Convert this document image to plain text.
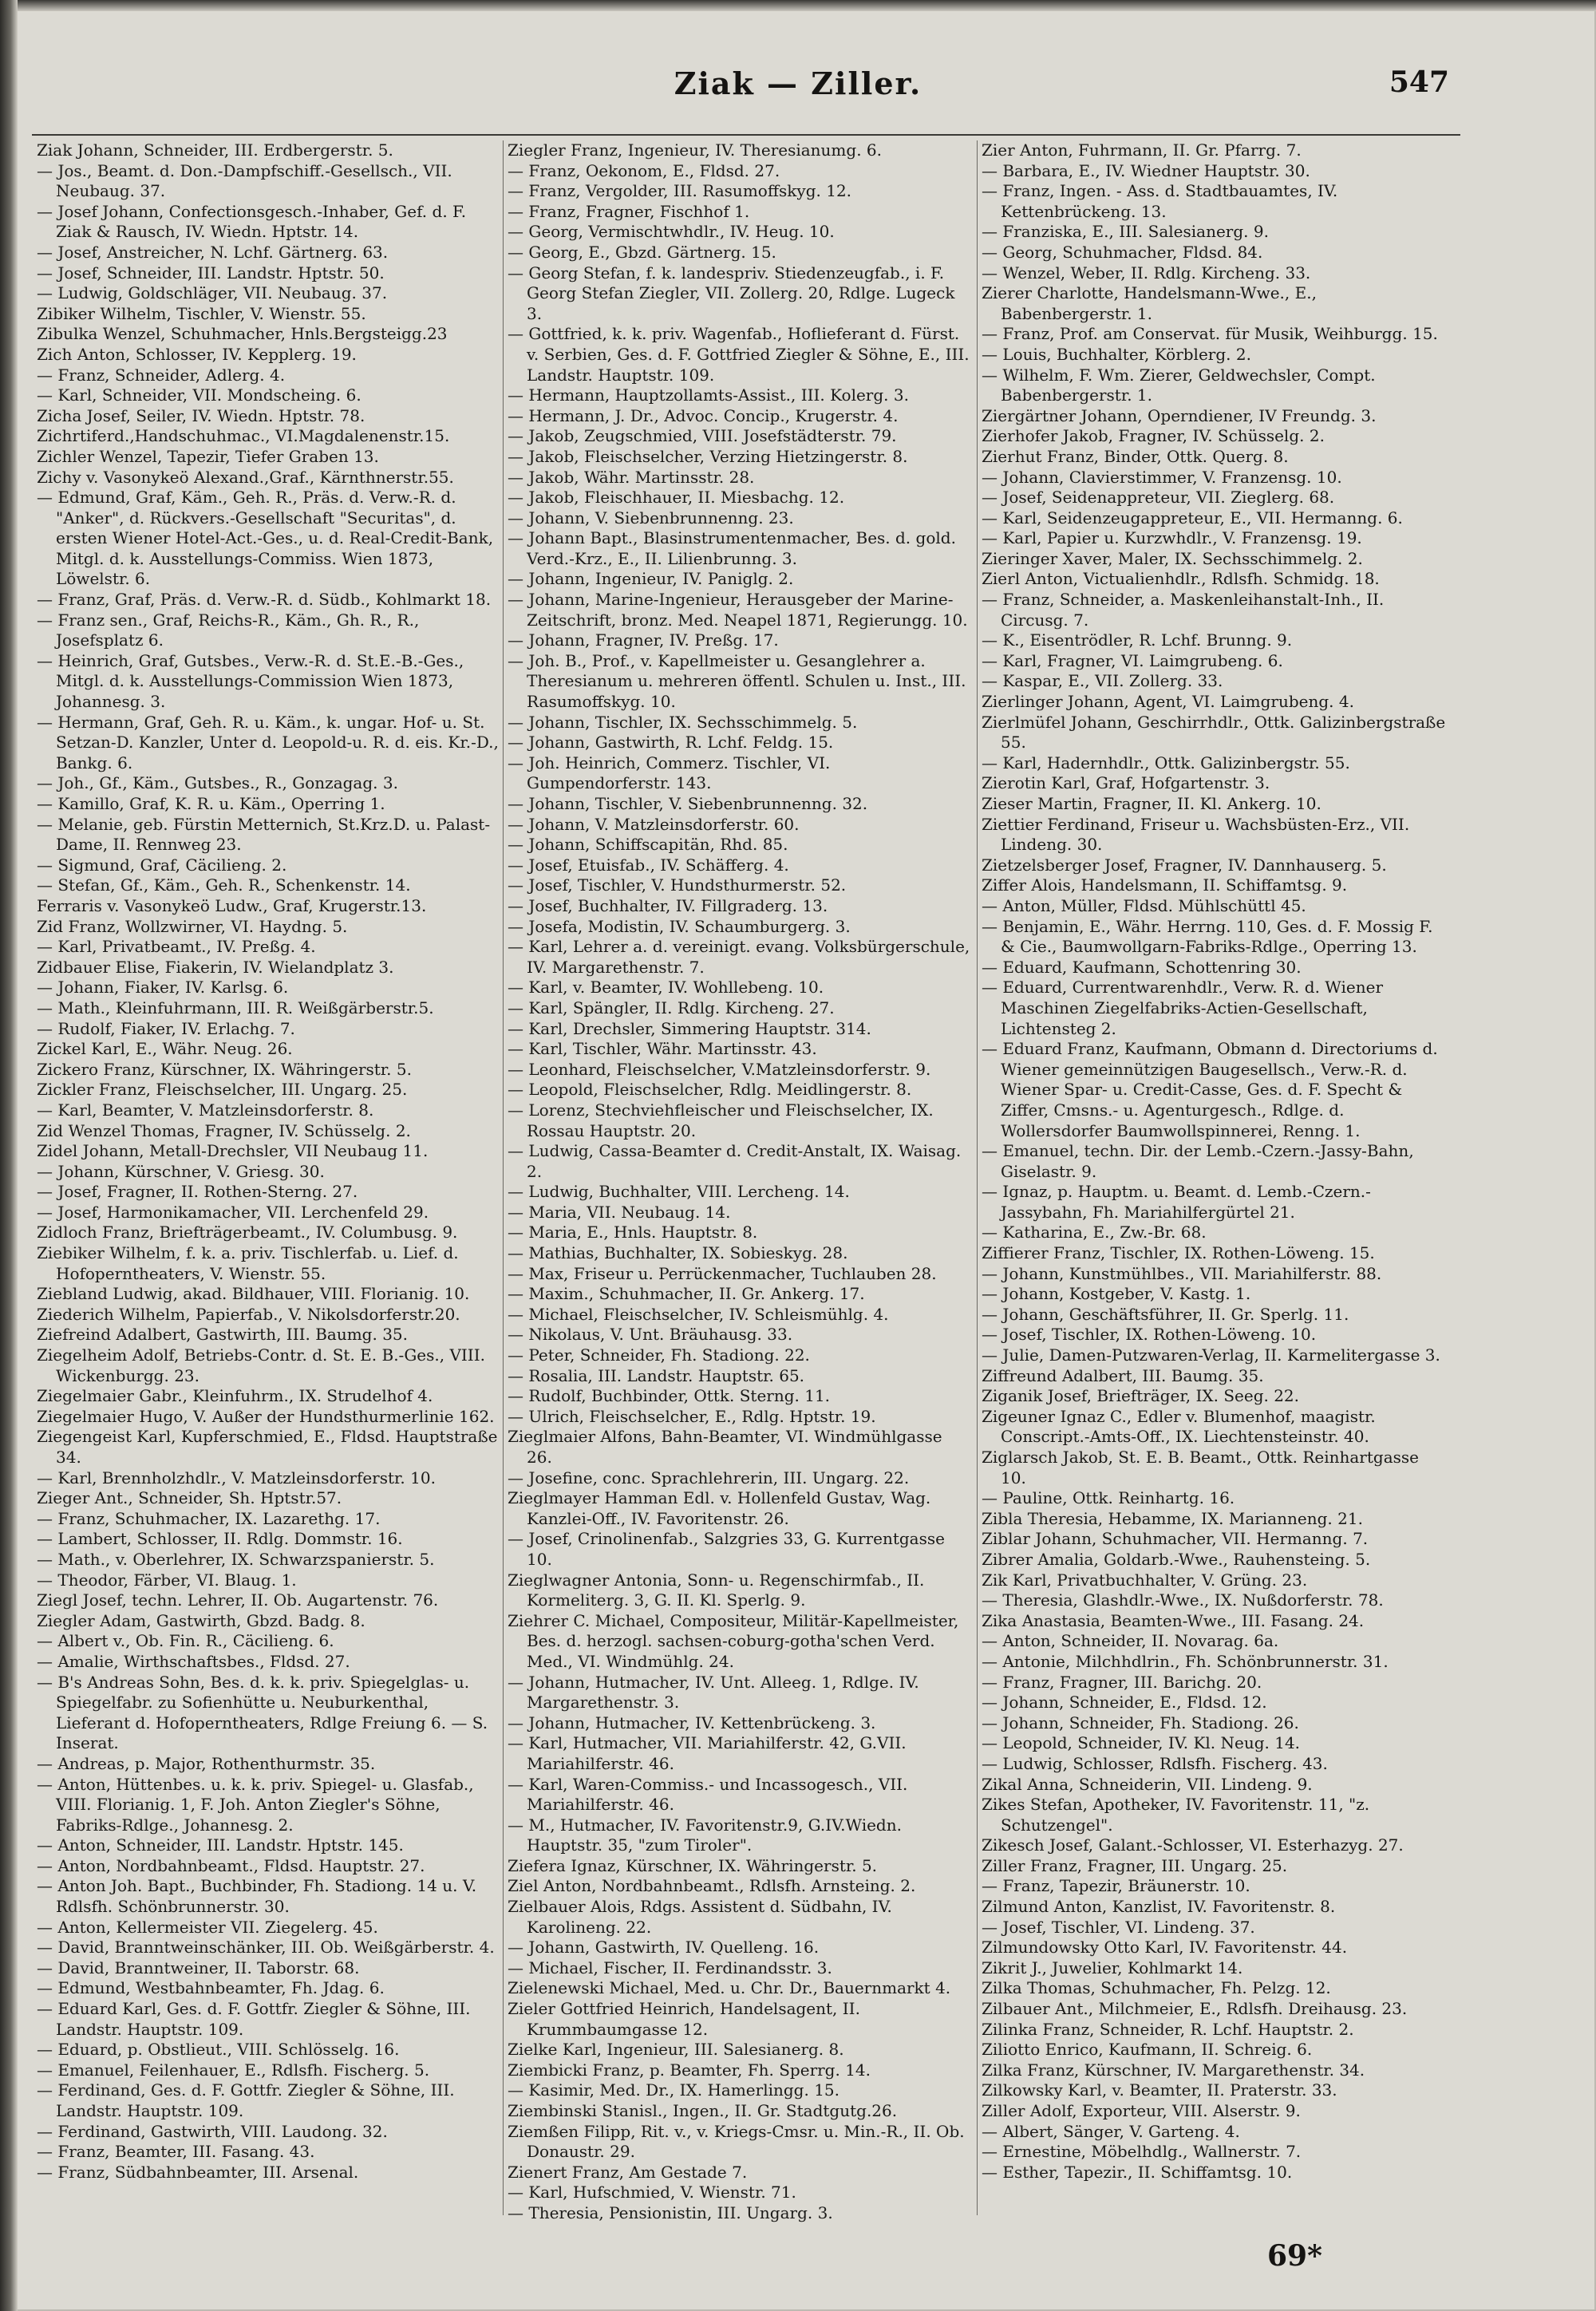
Ziak — Ziller.	547
Ziak Johann, Schneider, III. Erdbergerstr. 5.
— Jos., Beamt. d. Don.-Dampfschiff.-Gesellsch., VII. Neubaug. 37.
— Josef Johann, Confectionsgesch.-Inhaber, Gef. d. F. Ziak & Rausch, IV. Wiedn. Hptstr. 14.
— Josef, Anstreicher, N. Lchf. Gärtnerg. 63.
— Josef, Schneider, III. Landstr. Hptstr. 50.
— Ludwig, Goldschläger, VII. Neubaug. 37.
Zibiker Wilhelm, Tischler, V. Wienstr. 55.
Zibulka Wenzel, Schuhmacher, Hnls.Bergsteigg.23
Zich Anton, Schlosser, IV. Kepplerg. 19.
— Franz, Schneider, Adlerg. 4.
— Karl, Schneider, VII. Mondscheing. 6.
Zicha Josef, Seiler, IV. Wiedn. Hptstr. 78.
Zichrtiferd.,Handschuhmac., VI.Magdalenenstr.15.
Zichler Wenzel, Tapezir, Tiefer Graben 13.
Zichy v. Vasonykeö Alexand.,Graf., Kärnthnerstr.55.
— Edmund, Graf, Käm., Geh. R., Präs. d. Verw.-R. d. "Anker", d. Rückvers.-Gesellschaft "Securitas", d. ersten Wiener Hotel-Act.-Ges., u. d. Real-Credit-Bank, Mitgl. d. k. Ausstellungs-Commiss. Wien 1873, Löwelstr. 6.
— Franz, Graf, Präs. d. Verw.-R. d. Südb., Kohlmarkt 18.
— Franz sen., Graf, Reichs-R., Käm., Gh. R., R., Josefsplatz 6.
— Heinrich, Graf, Gutsbes., Verw.-R. d. St.E.-B.-Ges., Mitgl. d. k. Ausstellungs-Commission Wien 1873, Johannesg. 3.
— Hermann, Graf, Geh. R. u. Käm., k. ungar. Hof- u. St. Setzan-D. Kanzler, Unter d. Leopold-u. R. d. eis. Kr.-D., Bankg. 6.
— Joh., Gf., Käm., Gutsbes., R., Gonzagag. 3.
— Kamillo, Graf, K. R. u. Käm., Operring 1.
— Melanie, geb. Fürstin Metternich, St.Krz.D. u. Palast-Dame, II. Rennweg 23.
— Sigmund, Graf, Cäcilieng. 2.
— Stefan, Gf., Käm., Geh. R., Schenkenstr. 14.
Ferraris v. Vasonykeö Ludw., Graf, Krugerstr.13.
Zid Franz, Wollzwirner, VI. Haydng. 5.
— Karl, Privatbeamt., IV. Preßg. 4.
Zidbauer Elise, Fiakerin, IV. Wielandplatz 3.
— Johann, Fiaker, IV. Karlsg. 6.
— Math., Kleinfuhrmann, III. R. Weißgärberstr.5.
— Rudolf, Fiaker, IV. Erlachg. 7.
Zickel Karl, E., Währ. Neug. 26.
Zickero Franz, Kürschner, IX. Währingerstr. 5.
Zickler Franz, Fleischselcher, III. Ungarg. 25.
— Karl, Beamter, V. Matzleinsdorferstr. 8.
Zid Wenzel Thomas, Fragner, IV. Schüsselg. 2.
Zidel Johann, Metall-Drechsler, VII Neubaug 11.
— Johann, Kürschner, V. Griesg. 30.
— Josef, Fragner, II. Rothen-Sterng. 27.
— Josef, Harmonikamacher, VII. Lerchenfeld 29.
Zidloch Franz, Briefträgerbeamt., IV. Columbusg. 9.
Ziebiker Wilhelm, f. k. a. priv. Tischlerfab. u. Lief. d. Hofoperntheaters, V. Wienstr. 55.
Ziebland Ludwig, akad. Bildhauer, VIII. Florianig. 10.
Ziederich Wilhelm, Papierfab., V. Nikolsdorferstr.20.
Ziefreind Adalbert, Gastwirth, III. Baumg. 35.
Ziegelheim Adolf, Betriebs-Contr. d. St. E. B.-Ges., VIII. Wickenburgg. 23.
Ziegelmaier Gabr., Kleinfuhrm., IX. Strudelhof 4.
Ziegelmaier Hugo, V. Außer der Hundsthurmerlinie 162.
Ziegengeist Karl, Kupferschmied, E., Fldsd. Hauptstraße 34.
— Karl, Brennholzhdlr., V. Matzleinsdorferstr. 10.
Zieger Ant., Schneider, Sh. Hptstr.57.
— Franz, Schuhmacher, IX. Lazarethg. 17.
— Lambert, Schlosser, II. Rdlg. Dommstr. 16.
— Math., v. Oberlehrer, IX. Schwarzspanierstr. 5.
— Theodor, Färber, VI. Blaug. 1.
Ziegl Josef, techn. Lehrer, II. Ob. Augartenstr. 76.
Ziegler Adam, Gastwirth, Gbzd. Badg. 8.
— Albert v., Ob. Fin. R., Cäcilieng. 6.
— Amalie, Wirthschaftsbes., Fldsd. 27.
— B's Andreas Sohn, Bes. d. k. k. priv. Spiegelglas- u. Spiegelfabr. zu Sofienhütte u. Neuburkenthal, Lieferant d. Hofoperntheaters, Rdlge Freiung 6. — S. Inserat.
— Andreas, p. Major, Rothenthurmstr. 35.
— Anton, Hüttenbes. u. k. k. priv. Spiegel- u. Glasfab., VIII. Florianig. 1, F. Joh. Anton Ziegler's Söhne, Fabriks-Rdlge., Johannesg. 2.
— Anton, Schneider, III. Landstr. Hptstr. 145.
— Anton, Nordbahnbeamt., Fldsd. Hauptstr. 27.
— Anton Joh. Bapt., Buchbinder, Fh. Stadiong. 14 u. V. Rdlsfh. Schönbrunnerstr. 30.
— Anton, Kellermeister VII. Ziegelerg. 45.
— David, Branntweinschänker, III. Ob. Weißgärberstr. 4.
— David, Branntweiner, II. Taborstr. 68.
— Edmund, Westbahnbeamter, Fh. Jdag. 6.
— Eduard Karl, Ges. d. F. Gottfr. Ziegler & Söhne, III. Landstr. Hauptstr. 109.
— Eduard, p. Obstlieut., VIII. Schlösselg. 16.
— Emanuel, Feilenhauer, E., Rdlsfh. Fischerg. 5.
— Ferdinand, Ges. d. F. Gottfr. Ziegler & Söhne, III. Landstr. Hauptstr. 109.
— Ferdinand, Gastwirth, VIII. Laudong. 32.
— Franz, Beamter, III. Fasang. 43.
— Franz, Südbahnbeamter, III. Arsenal.
Ziegler Franz, Ingenieur, IV. Theresianumg. 6.
— Franz, Oekonom, E., Fldsd. 27.
— Franz, Vergolder, III. Rasumoffskyg. 12.
— Franz, Fragner, Fischhof 1.
— Georg, Vermischtwhdlr., IV. Heug. 10.
— Georg, E., Gbzd. Gärtnerg. 15.
— Georg Stefan, f. k. landespriv. Stiedenzeugfab., i. F. Georg Stefan Ziegler, VII. Zollerg. 20, Rdlge. Lugeck 3.
— Gottfried, k. k. priv. Wagenfab., Hoflieferant d. Fürst. v. Serbien, Ges. d. F. Gottfried Ziegler & Söhne, E., III. Landstr. Hauptstr. 109.
— Hermann, Hauptzollamts-Assist., III. Kolerg. 3.
— Hermann, J. Dr., Advoc. Concip., Krugerstr. 4.
— Jakob, Zeugschmied, VIII. Josefstädterstr. 79.
— Jakob, Fleischselcher, Verzing Hietzingerstr. 8.
— Jakob, Währ. Martinsstr. 28.
— Jakob, Fleischhauer, II. Miesbachg. 12.
— Johann, V. Siebenbrunnenng. 23.
— Johann Bapt., Blasinstrumentenmacher, Bes. d. gold. Verd.-Krz., E., II. Lilienbrunng. 3.
— Johann, Ingenieur, IV. Paniglg. 2.
— Johann, Marine-Ingenieur, Herausgeber der Marine-Zeitschrift, bronz. Med. Neapel 1871, Regierungg. 10.
— Johann, Fragner, IV. Preßg. 17.
— Joh. B., Prof., v. Kapellmeister u. Gesanglehrer a. Theresianum u. mehreren öffentl. Schulen u. Inst., III. Rasumoffskyg. 10.
— Johann, Tischler, IX. Sechsschimmelg. 5.
— Johann, Gastwirth, R. Lchf. Feldg. 15.
— Joh. Heinrich, Commerz. Tischler, VI. Gumpendorferstr. 143.
— Johann, Tischler, V. Siebenbrunnenng. 32.
— Johann, V. Matzleinsdorferstr. 60.
— Johann, Schiffscapitän, Rhd. 85.
— Josef, Etuisfab., IV. Schäfferg. 4.
— Josef, Tischler, V. Hundsthurmerstr. 52.
— Josef, Buchhalter, IV. Fillgraderg. 13.
— Josefa, Modistin, IV. Schaumburgerg. 3.
— Karl, Lehrer a. d. vereinigt. evang. Volksbürgerschule, IV. Margarethenstr. 7.
— Karl, v. Beamter, IV. Wohllebeng. 10.
— Karl, Spängler, II. Rdlg. Kircheng. 27.
— Karl, Drechsler, Simmering Hauptstr. 314.
— Karl, Tischler, Währ. Martinsstr. 43.
— Leonhard, Fleischselcher, V.Matzleinsdorferstr. 9.
— Leopold, Fleischselcher, Rdlg. Meidlingerstr. 8.
— Lorenz, Stechviehfleischer und Fleischselcher, IX. Rossau Hauptstr. 20.
— Ludwig, Cassa-Beamter d. Credit-Anstalt, IX. Waisag. 2.
— Ludwig, Buchhalter, VIII. Lercheng. 14.
— Maria, VII. Neubaug. 14.
— Maria, E., Hnls. Hauptstr. 8.
— Mathias, Buchhalter, IX. Sobieskyg. 28.
— Max, Friseur u. Perrückenmacher, Tuchlauben 28.
— Maxim., Schuhmacher, II. Gr. Ankerg. 17.
— Michael, Fleischselcher, IV. Schleismühlg. 4.
— Nikolaus, V. Unt. Bräuhausg. 33.
— Peter, Schneider, Fh. Stadiong. 22.
— Rosalia, III. Landstr. Hauptstr. 65.
— Rudolf, Buchbinder, Ottk. Sterng. 11.
— Ulrich, Fleischselcher, E., Rdlg. Hptstr. 19.
Zieglmaier Alfons, Bahn-Beamter, VI. Windmühlgasse 26.
— Josefine, conc. Sprachlehrerin, III. Ungarg. 22.
Zieglmayer Hamman Edl. v. Hollenfeld Gustav, Wag. Kanzlei-Off., IV. Favoritenstr. 26.
— Josef, Crinolinenfab., Salzgries 33, G. Kurrentgasse 10.
Zieglwagner Antonia, Sonn- u. Regenschirmfab., II. Kormeliterg. 3, G. II. Kl. Sperlg. 9.
Ziehrer C. Michael, Compositeur, Militär-Kapellmeister, Bes. d. herzogl. sachsen-coburg-gotha'schen Verd. Med., VI. Windmühlg. 24.
— Johann, Hutmacher, IV. Unt. Alleeg. 1, Rdlge. IV. Margarethenstr. 3.
— Johann, Hutmacher, IV. Kettenbrückeng. 3.
— Karl, Hutmacher, VII. Mariahilferstr. 42, G.VII. Mariahilferstr. 46.
— Karl, Waren-Commiss.- und Incassogesch., VII. Mariahilferstr. 46.
— M., Hutmacher, IV. Favoritenstr.9, G.IV.Wiedn. Hauptstr. 35, "zum Tiroler".
Ziefera Ignaz, Kürschner, IX. Währingerstr. 5.
Ziel Anton, Nordbahnbeamt., Rdlsfh. Arnsteing. 2.
Zielbauer Alois, Rdgs. Assistent d. Südbahn, IV. Karolineng. 22.
— Johann, Gastwirth, IV. Quelleng. 16.
— Michael, Fischer, II. Ferdinandsstr. 3.
Zielenewski Michael, Med. u. Chr. Dr., Bauernmarkt 4.
Zieler Gottfried Heinrich, Handelsagent, II. Krummbaumgasse 12.
Zielke Karl, Ingenieur, III. Salesianerg. 8.
Ziembicki Franz, p. Beamter, Fh. Sperrg. 14.
— Kasimir, Med. Dr., IX. Hamerlingg. 15.
Ziembinski Stanisl., Ingen., II. Gr. Stadtgutg.26.
Ziemßen Filipp, Rit. v., v. Kriegs-Cmsr. u. Min.-R., II. Ob. Donaustr. 29.
Zienert Franz, Am Gestade 7.
— Karl, Hufschmied, V. Wienstr. 71.
— Theresia, Pensionistin, III. Ungarg. 3.
Zier Anton, Fuhrmann, II. Gr. Pfarrg. 7.
— Barbara, E., IV. Wiedner Hauptstr. 30.
— Franz, Ingen. - Ass. d. Stadtbauamtes, IV. Kettenbrückeng. 13.
— Franziska, E., III. Salesianerg. 9.
— Georg, Schuhmacher, Fldsd. 84.
— Wenzel, Weber, II. Rdlg. Kircheng. 33.
Zierer Charlotte, Handelsmann-Wwe., E., Babenbergerstr. 1.
— Franz, Prof. am Conservat. für Musik, Weihburgg. 15.
— Louis, Buchhalter, Körblerg. 2.
— Wilhelm, F. Wm. Zierer, Geldwechsler, Compt. Babenbergerstr. 1.
Ziergärtner Johann, Operndiener, IV Freundg. 3.
Zierhofer Jakob, Fragner, IV. Schüsselg. 2.
Zierhut Franz, Binder, Ottk. Querg. 8.
— Johann, Clavierstimmer, V. Franzensg. 10.
— Josef, Seidenappreteur, VII. Zieglerg. 68.
— Karl, Seidenzeugappreteur, E., VII. Hermanng. 6.
— Karl, Papier u. Kurzwhdlr., V. Franzensg. 19.
Zieringer Xaver, Maler, IX. Sechsschimmelg. 2.
Zierl Anton, Victualienhdlr., Rdlsfh. Schmidg. 18.
— Franz, Schneider, a. Maskenleihanstalt-Inh., II. Circusg. 7.
— K., Eisentrödler, R. Lchf. Brunng. 9.
— Karl, Fragner, VI. Laimgrubeng. 6.
— Kaspar, E., VII. Zollerg. 33.
Zierlinger Johann, Agent, VI. Laimgrubeng. 4.
Zierlmüfel Johann, Geschirrhdlr., Ottk. Galizinbergstraße 55.
— Karl, Hadernhdlr., Ottk. Galizinbergstr. 55.
Zierotin Karl, Graf, Hofgartenstr. 3.
Zieser Martin, Fragner, II. Kl. Ankerg. 10.
Ziettier Ferdinand, Friseur u. Wachsbüsten-Erz., VII. Lindeng. 30.
Zietzelsberger Josef, Fragner, IV. Dannhauserg. 5.
Ziffer Alois, Handelsmann, II. Schiffamtsg. 9.
— Anton, Müller, Fldsd. Mühlschüttl 45.
— Benjamin, E., Währ. Herrng. 110, Ges. d. F. Mossig F. & Cie., Baumwollgarn-Fabriks-Rdlge., Operring 13.
— Eduard, Kaufmann, Schottenring 30.
— Eduard, Currentwarenhdlr., Verw. R. d. Wiener Maschinen Ziegelfabriks-Actien-Gesellschaft, Lichtensteg 2.
— Eduard Franz, Kaufmann, Obmann d. Directoriums d. Wiener gemeinnützigen Baugesellsch., Verw.-R. d. Wiener Spar- u. Credit-Casse, Ges. d. F. Specht & Ziffer, Cmsns.- u. Agenturgesch., Rdlge. d. Wollersdorfer Baumwollspinnerei, Renng. 1.
— Emanuel, techn. Dir. der Lemb.-Czern.-Jassy-Bahn, Giselastr. 9.
— Ignaz, p. Hauptm. u. Beamt. d. Lemb.-Czern.-Jassybahn, Fh. Mariahilfergürtel 21.
— Katharina, E., Zw.-Br. 68.
Ziffierer Franz, Tischler, IX. Rothen-Löweng. 15.
— Johann, Kunstmühlbes., VII. Mariahilferstr. 88.
— Johann, Kostgeber, V. Kastg. 1.
— Johann, Geschäftsführer, II. Gr. Sperlg. 11.
— Josef, Tischler, IX. Rothen-Löweng. 10.
— Julie, Damen-Putzwaren-Verlag, II. Karmelitergasse 3.
Ziffreund Adalbert, III. Baumg. 35.
Ziganik Josef, Briefträger, IX. Seeg. 22.
Zigeuner Ignaz C., Edler v. Blumenhof, maagistr. Conscript.-Amts-Off., IX. Liechtensteinstr. 40.
Ziglarsch Jakob, St. E. B. Beamt., Ottk. Reinhartgasse 10.
— Pauline, Ottk. Reinhartg. 16.
Zibla Theresia, Hebamme, IX. Marianneng. 21.
Ziblar Johann, Schuhmacher, VII. Hermanng. 7.
Zibrer Amalia, Goldarb.-Wwe., Rauhensteing. 5.
Zik Karl, Privatbuchhalter, V. Grüng. 23.
— Theresia, Glashdlr.-Wwe., IX. Nußdorferstr. 78.
Zika Anastasia, Beamten-Wwe., III. Fasang. 24.
— Anton, Schneider, II. Novarag. 6a.
— Antonie, Milchhdlrin., Fh. Schönbrunnerstr. 31.
— Franz, Fragner, III. Barichg. 20.
— Johann, Schneider, E., Fldsd. 12.
— Johann, Schneider, Fh. Stadiong. 26.
— Leopold, Schneider, IV. Kl. Neug. 14.
— Ludwig, Schlosser, Rdlsfh. Fischerg. 43.
Zikal Anna, Schneiderin, VII. Lindeng. 9.
Zikes Stefan, Apotheker, IV. Favoritenstr. 11, "z. Schutzengel".
Zikesch Josef, Galant.-Schlosser, VI. Esterhazyg. 27.
Ziller Franz, Fragner, III. Ungarg. 25.
— Franz, Tapezir, Bräunerstr. 10.
Zilmund Anton, Kanzlist, IV. Favoritenstr. 8.
— Josef, Tischler, VI. Lindeng. 37.
Zilmundowsky Otto Karl, IV. Favoritenstr. 44.
Zikrit J., Juwelier, Kohlmarkt 14.
Zilka Thomas, Schuhmacher, Fh. Pelzg. 12.
Zilbauer Ant., Milchmeier, E., Rdlsfh. Dreihausg. 23.
Zilinka Franz, Schneider, R. Lchf. Hauptstr. 2.
Ziliotto Enrico, Kaufmann, II. Schreig. 6.
Zilka Franz, Kürschner, IV. Margarethenstr. 34.
Zilkowsky Karl, v. Beamter, II. Praterstr. 33.
Ziller Adolf, Exporteur, VIII. Alserstr. 9.
— Albert, Sänger, V. Garteng. 4.
— Ernestine, Möbelhdlg., Wallnerstr. 7.
— Esther, Tapezir., II. Schiffamtsg. 10.
69*
